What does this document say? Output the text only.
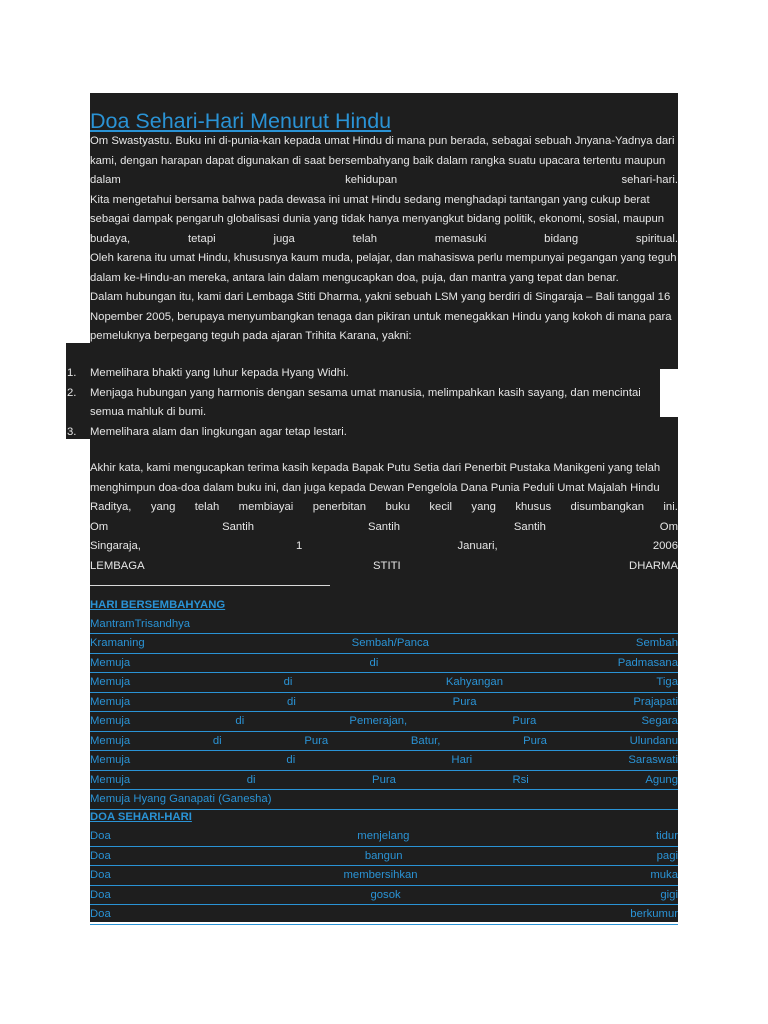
Doa Sehari-Hari Menurut Hindu
Om Swastyastu. Buku ini di-punia-kan kepada umat Hindu di mana pun berada, sebagai sebuah Jnyana-Yadnya dari
kami, dengan harapan dapat digunakan di saat bersembahyang baik dalam rangka suatu upacara tertentu maupun
dalam	kehidupan	sehari-hari.
Kita mengetahui bersama bahwa pada dewasa ini umat Hindu sedang menghadapi tantangan yang cukup berat
sebagai dampak pengaruh globalisasi dunia yang tidak hanya menyangkut bidang politik, ekonomi, sosial, maupun
budaya,	tetapi	juga	telah	memasuki	bidang	spiritual.
Oleh karena itu umat Hindu, khususnya kaum muda, pelajar, dan mahasiswa perlu mempunyai pegangan yang teguh
dalam ke-Hindu-an mereka, antara lain dalam mengucapkan doa, puja, dan mantra yang tepat dan benar.
Dalam hubungan itu, kami dari Lembaga Stiti Dharma, yakni sebuah LSM yang berdiri di Singaraja – Bali tanggal 16
Nopember 2005, berupaya menyumbangkan tenaga dan pikiran untuk menegakkan Hindu yang kokoh di mana para
pemeluknya berpegang teguh pada ajaran Trihita Karana, yakni:
1.	Memelihara bhakti yang luhur kepada Hyang Widhi.
2.	Menjaga hubungan yang harmonis dengan sesama umat manusia, melimpahkan kasih sayang, dan mencintai
semua mahluk di bumi.
3.	Memelihara alam dan lingkungan agar tetap lestari.
Akhir kata, kami mengucapkan terima kasih kepada Bapak Putu Setia dari Penerbit Pustaka Manikgeni yang telah
menghimpun doa-doa dalam buku ini, dan juga kepada Dewan Pengelola Dana Punia Peduli Umat Majalah Hindu
Raditya, yang telah membiayai penerbitan buku kecil yang khusus disumbangkan ini.
Om	Santih	Santih	Santih	Om
Singaraja,	1	Januari,	2006
LEMBAGA	STITI	DHARMA
HARI BERSEMBAHYANG
MantramTrisandhya
Kramaning	Sembah/Panca	Sembah
Memuja	di	Padmasana
Memuja	di	Kahyangan	Tiga
Memuja	di	Pura	Prajapati
Memuja	di	Pemerajan,	Pura	Segara
Memuja	di	Pura	Batur,	Pura	Ulundanu
Memuja	di	Hari	Saraswati
Memuja	di	Pura	Rsi	Agung
Memuja Hyang Ganapati (Ganesha)
DOA SEHARI-HARI
Doa	menjelang	tidur
Doa	bangun	pagi
Doa	membersihkan	muka
Doa	gosok	gigi
Doa	berkumur
